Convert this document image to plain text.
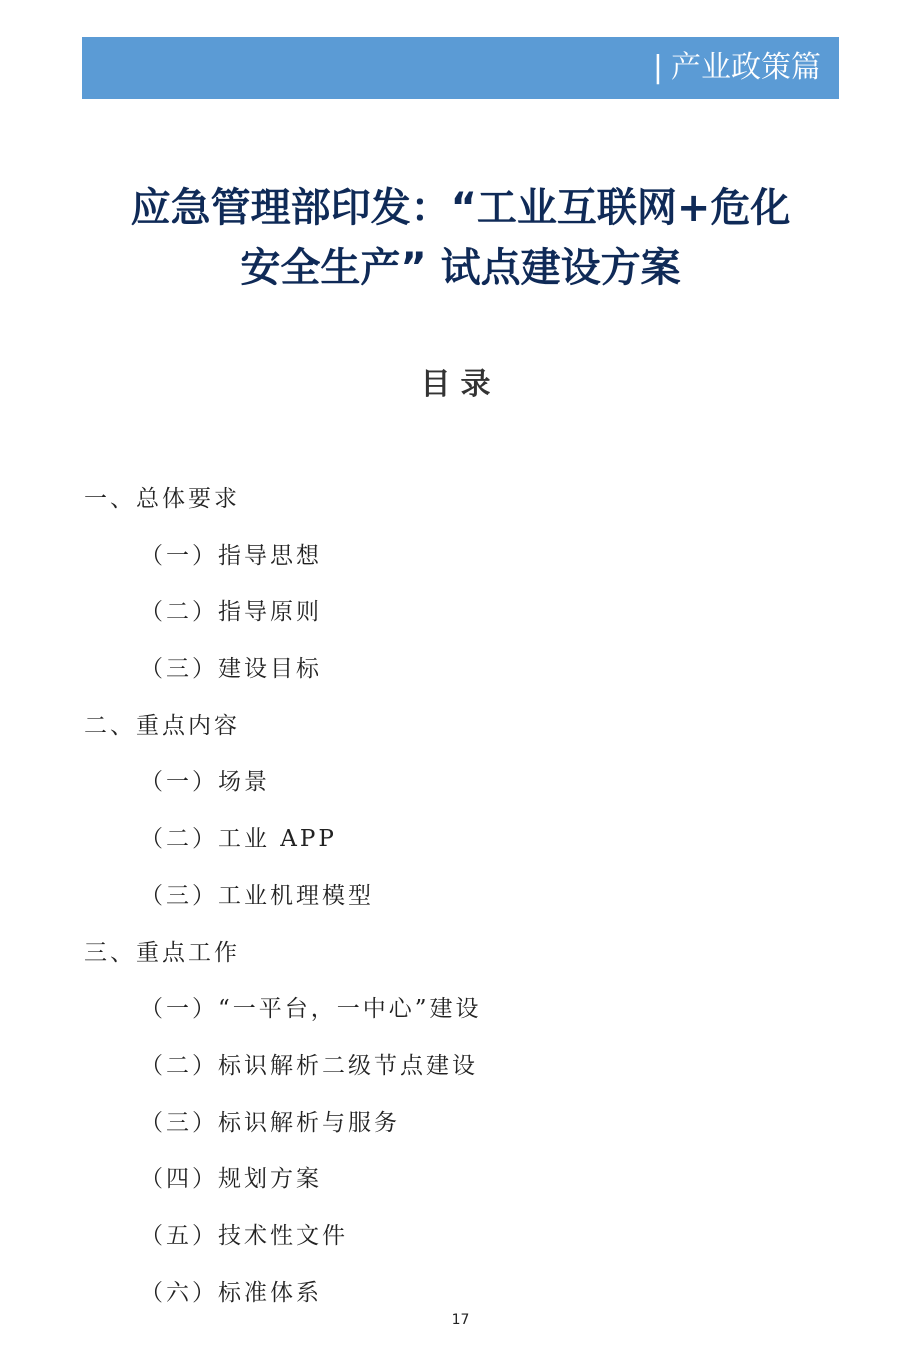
| 产业政策篇
应急管理部印发：“工业互联网+危化
安全生产” 试点建设方案
目录
一、总体要求
（一）指导思想
（二）指导原则
（三）建设目标
二、重点内容
（一）场景
（二）工业 APP
（三）工业机理模型
三、重点工作
（一）“一平台，一中心”建设
（二）标识解析二级节点建设
（三）标识解析与服务
（四）规划方案
（五）技术性文件
（六）标准体系
17
